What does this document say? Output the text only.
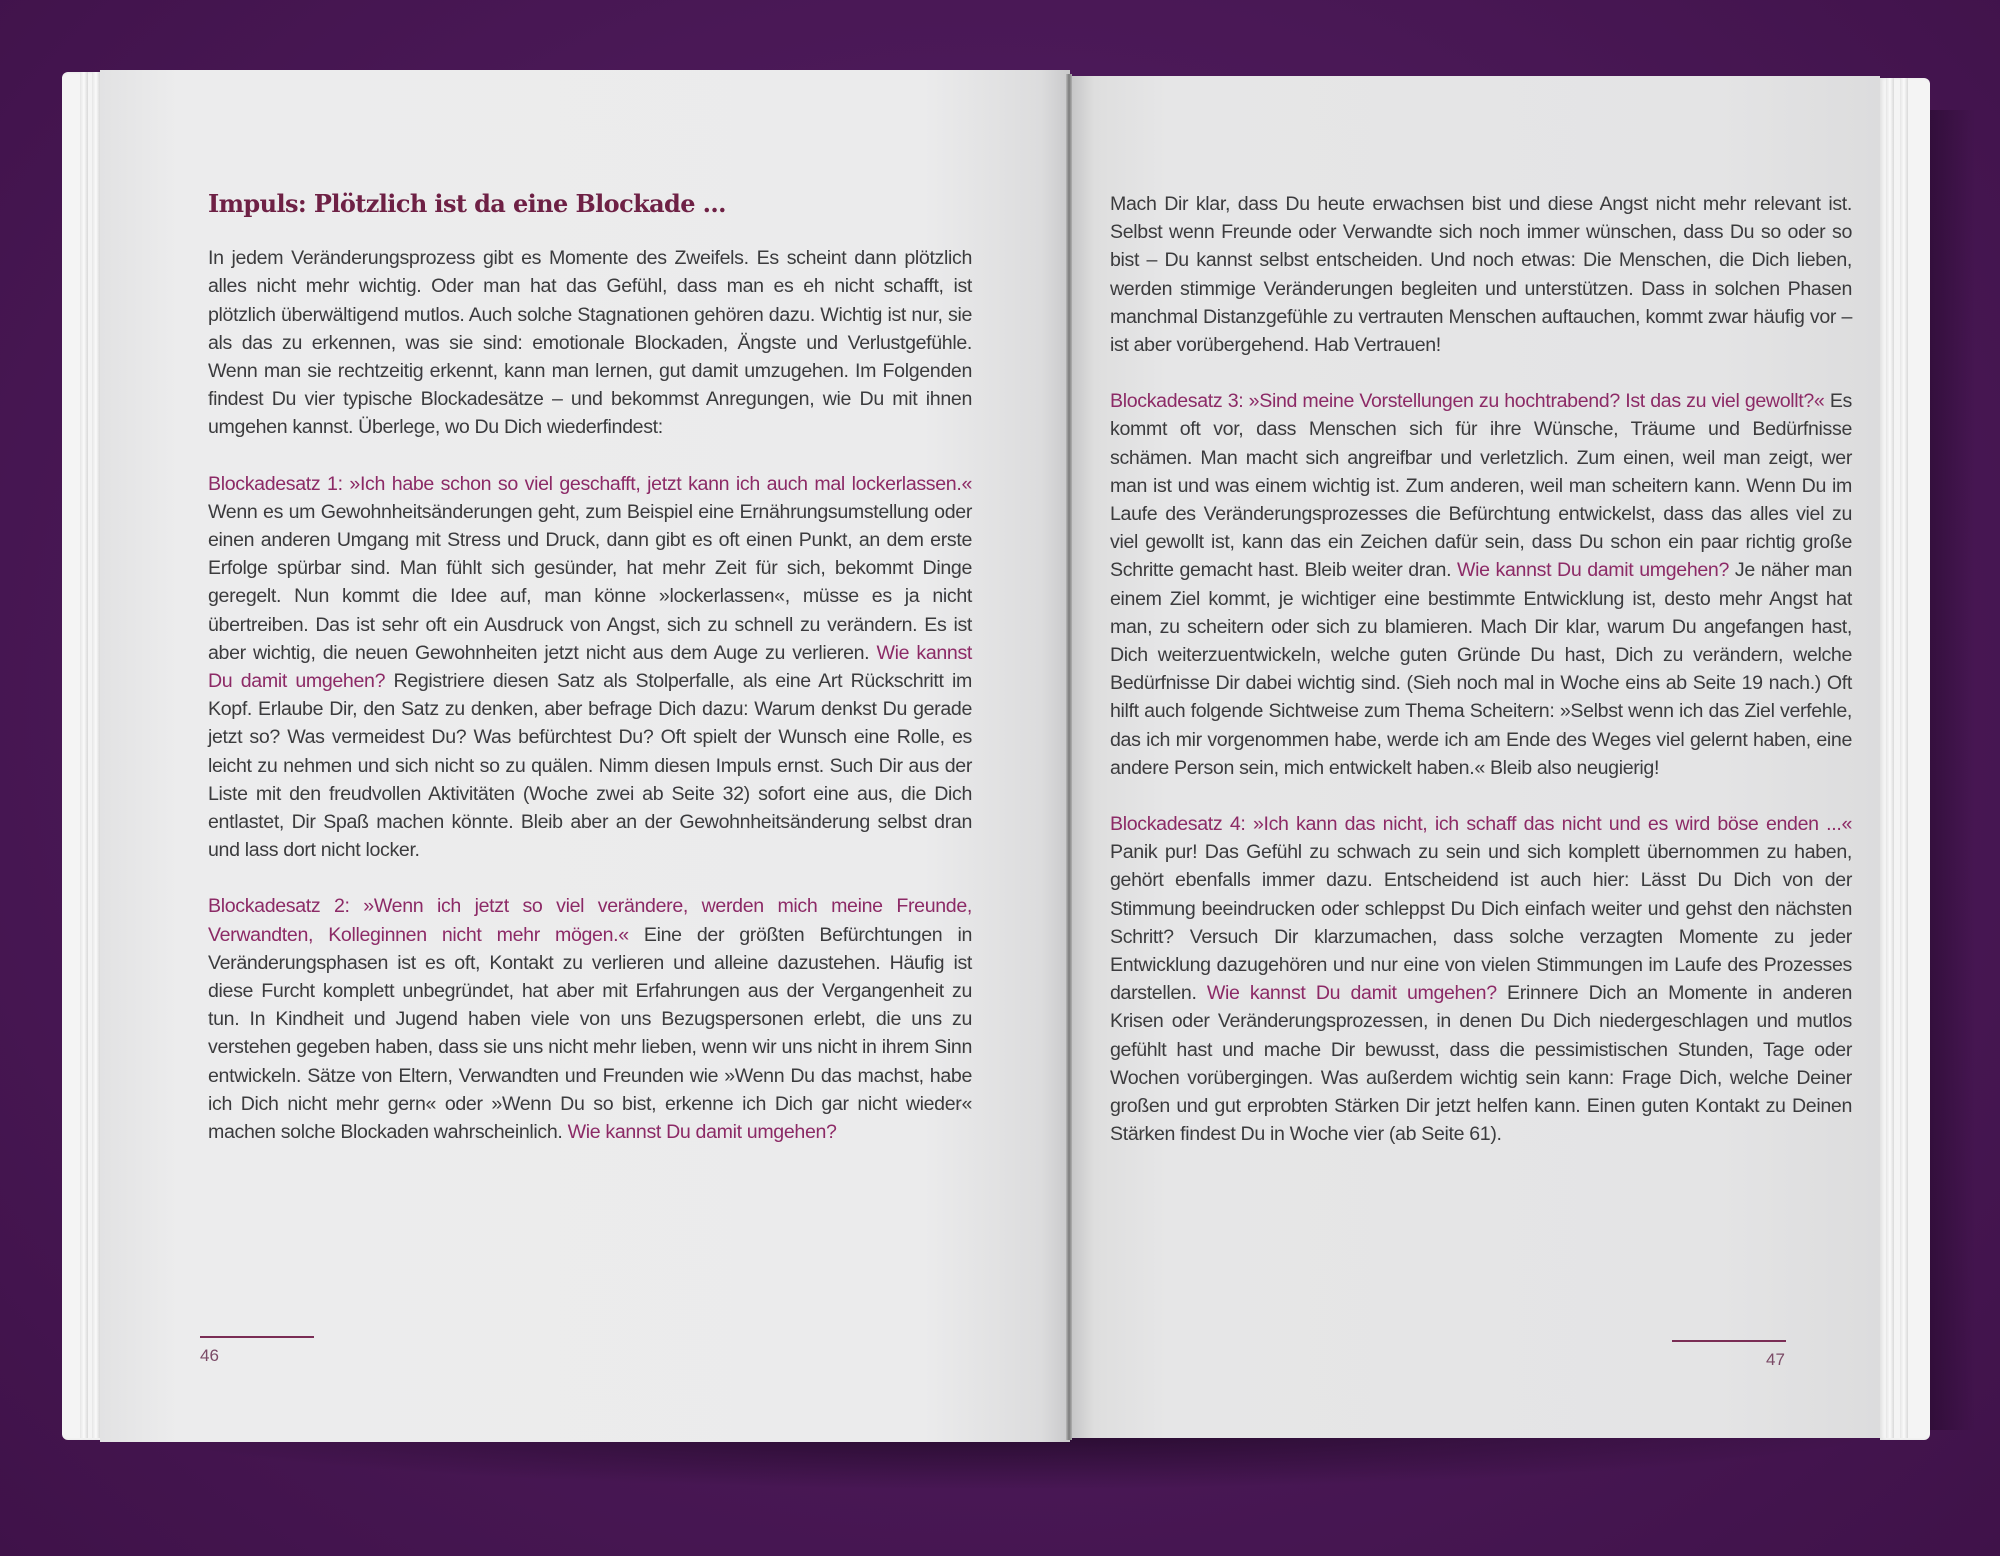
Impuls: Plötzlich ist da eine Blockade ...

In jedem Veränderungsprozess gibt es Momente des Zweifels. Es scheint dann plötzlich alles nicht mehr wichtig. Oder man hat das Gefühl, dass man es eh nicht schafft, ist plötzlich überwältigend mutlos. Auch solche Stagnationen gehören dazu. Wichtig ist nur, sie als das zu erkennen, was sie sind: emotionale Blockaden, Ängste und Verlustgefühle. Wenn man sie rechtzeitig erkennt, kann man lernen, gut damit umzugehen. Im Folgenden findest Du vier typische Blockadesätze – und bekommst Anregungen, wie Du mit ihnen umgehen kannst. Überlege, wo Du Dich wiederfindest:

Blockadesatz 1: »Ich habe schon so viel geschafft, jetzt kann ich auch mal lockerlassen.« Wenn es um Gewohnheitsänderungen geht, zum Beispiel eine Ernährungsumstellung oder einen anderen Umgang mit Stress und Druck, dann gibt es oft einen Punkt, an dem erste Erfolge spürbar sind. Man fühlt sich gesünder, hat mehr Zeit für sich, bekommt Dinge geregelt. Nun kommt die Idee auf, man könne »lockerlassen«, müsse es ja nicht übertreiben. Das ist sehr oft ein Ausdruck von Angst, sich zu schnell zu verändern. Es ist aber wichtig, die neuen Gewohnheiten jetzt nicht aus dem Auge zu verlieren. Wie kannst Du damit umgehen? Registriere diesen Satz als Stolperfalle, als eine Art Rückschritt im Kopf. Erlaube Dir, den Satz zu denken, aber befrage Dich dazu: Warum denkst Du gerade jetzt so? Was vermeidest Du? Was befürchtest Du? Oft spielt der Wunsch eine Rolle, es leicht zu nehmen und sich nicht so zu quälen. Nimm diesen Impuls ernst. Such Dir aus der Liste mit den freudvollen Aktivitäten (Woche zwei ab Seite 32) sofort eine aus, die Dich entlastet, Dir Spaß machen könnte. Bleib aber an der Gewohnheitsänderung selbst dran und lass dort nicht locker.

Blockadesatz 2: »Wenn ich jetzt so viel verändere, werden mich meine Freunde, Verwandten, Kolleginnen nicht mehr mögen.« Eine der größten Befürchtungen in Veränderungsphasen ist es oft, Kontakt zu verlieren und alleine dazustehen. Häufig ist diese Furcht komplett unbegründet, hat aber mit Erfahrungen aus der Vergangenheit zu tun. In Kindheit und Jugend haben viele von uns Bezugspersonen erlebt, die uns zu verstehen gegeben haben, dass sie uns nicht mehr lieben, wenn wir uns nicht in ihrem Sinn entwickeln. Sätze von Eltern, Verwandten und Freunden wie »Wenn Du das machst, habe ich Dich nicht mehr gern« oder »Wenn Du so bist, erkenne ich Dich gar nicht wieder« machen solche Blockaden wahrscheinlich. Wie kannst Du damit umgehen?

46

Mach Dir klar, dass Du heute erwachsen bist und diese Angst nicht mehr relevant ist. Selbst wenn Freunde oder Verwandte sich noch immer wünschen, dass Du so oder so bist – Du kannst selbst entscheiden. Und noch etwas: Die Menschen, die Dich lieben, werden stimmige Veränderungen begleiten und unterstützen. Dass in solchen Phasen manchmal Distanzgefühle zu vertrauten Menschen auftauchen, kommt zwar häufig vor – ist aber vorübergehend. Hab Vertrauen!

Blockadesatz 3: »Sind meine Vorstellungen zu hochtrabend? Ist das zu viel gewollt?« Es kommt oft vor, dass Menschen sich für ihre Wünsche, Träume und Bedürfnisse schämen. Man macht sich angreifbar und verletzlich. Zum einen, weil man zeigt, wer man ist und was einem wichtig ist. Zum anderen, weil man scheitern kann. Wenn Du im Laufe des Veränderungsprozesses die Befürchtung entwickelst, dass das alles viel zu viel gewollt ist, kann das ein Zeichen dafür sein, dass Du schon ein paar richtig große Schritte gemacht hast. Bleib weiter dran. Wie kannst Du damit umgehen? Je näher man einem Ziel kommt, je wichtiger eine bestimmte Entwicklung ist, desto mehr Angst hat man, zu scheitern oder sich zu blamieren. Mach Dir klar, warum Du angefangen hast, Dich weiterzuentwickeln, welche guten Gründe Du hast, Dich zu verändern, welche Bedürfnisse Dir dabei wichtig sind. (Sieh noch mal in Woche eins ab Seite 19 nach.) Oft hilft auch folgende Sichtweise zum Thema Scheitern: »Selbst wenn ich das Ziel verfehle, das ich mir vorgenommen habe, werde ich am Ende des Weges viel gelernt haben, eine andere Person sein, mich entwickelt haben.« Bleib also neugierig!

Blockadesatz 4: »Ich kann das nicht, ich schaff das nicht und es wird böse enden ...« Panik pur! Das Gefühl zu schwach zu sein und sich komplett übernommen zu haben, gehört ebenfalls immer dazu. Entscheidend ist auch hier: Lässt Du Dich von der Stimmung beeindrucken oder schleppst Du Dich einfach weiter und gehst den nächsten Schritt? Versuch Dir klarzumachen, dass solche verzagten Momente zu jeder Entwicklung dazugehören und nur eine von vielen Stimmungen im Laufe des Prozesses darstellen. Wie kannst Du damit umgehen? Erinnere Dich an Momente in anderen Krisen oder Veränderungsprozessen, in denen Du Dich niedergeschlagen und mutlos gefühlt hast und mache Dir bewusst, dass die pessimistischen Stunden, Tage oder Wochen vorübergingen. Was außerdem wichtig sein kann: Frage Dich, welche Deiner großen und gut erprobten Stärken Dir jetzt helfen kann. Einen guten Kontakt zu Deinen Stärken findest Du in Woche vier (ab Seite 61).

47
